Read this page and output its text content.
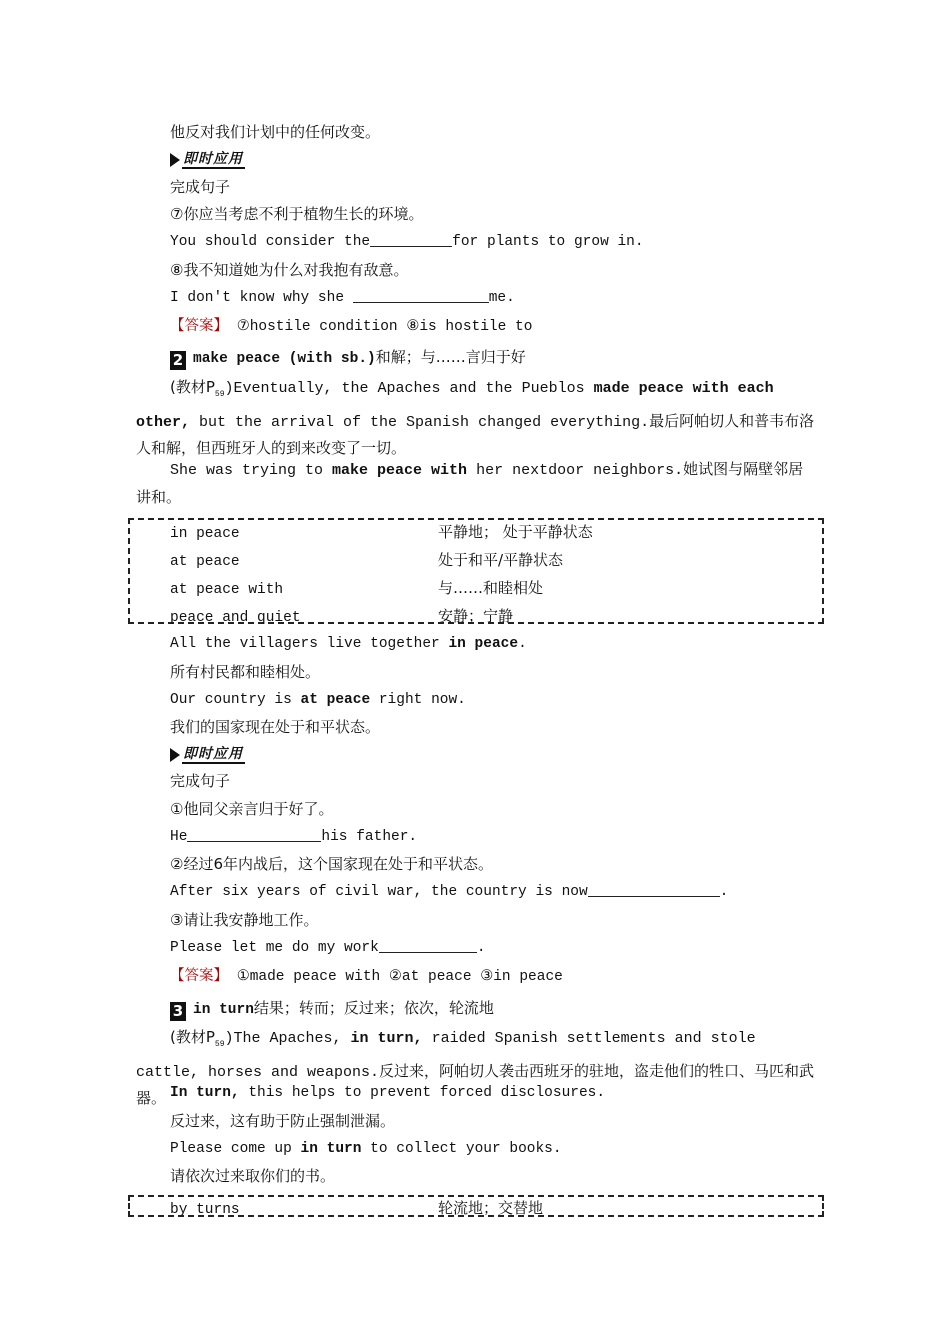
他反对我们计划中的任何改变。
即时应用
完成句子
⑦你应当考虑不利于植物生长的环境。
You should consider the	for plants to grow in.
⑧我不知道她为什么对我抱有敌意。
I don′t know why she	me.
【答案】 ⑦hostile condition ⑧is hostile to
2 make peace (with sb.)和解；与……言归于好
(教材$P_{59})Eventually$, the Apaches and the Pueblos made peace with each other, but the arrival of the Spanish changed everything.最后阿帕切人和普韦布洛人和解，但西班牙人的到来改变了一切。
She was trying to make peace with her nextdoor neighbors.她试图与隔壁邻居讲和。
in peace	平静地； 处于平静状态
at peace	处于和平/平静状态
at peace with	与……和睦相处
peace and quiet	安静；宁静
All the villagers live together in peace.
所有村民都和睦相处。
Our country is at peace right now.
我们的国家现在处于和平状态。
即时应用
完成句子
①他同父亲言归于好了。
He	his father.
②经过6年内战后，这个国家现在处于和平状态。
After six years of civil war, the country is now	.
③请让我安静地工作。
Please let me do my work	.
【答案】 ①made peace with ②at peace ③in peace
3 in turn结果；转而；反过来；依次，轮流地
(教材$P_{59})The$ Apaches, in turn, raided Spanish settlements and stole cattle, horses and weapons.反过来，阿帕切人袭击西班牙的驻地，盗走他们的牲口、马匹和武器。 In turn, this helps to prevent forced disclosures.
反过来，这有助于防止强制泄漏。
Please come up in turn to collect your books.
请依次过来取你们的书。
by turns	轮流地；交替地
